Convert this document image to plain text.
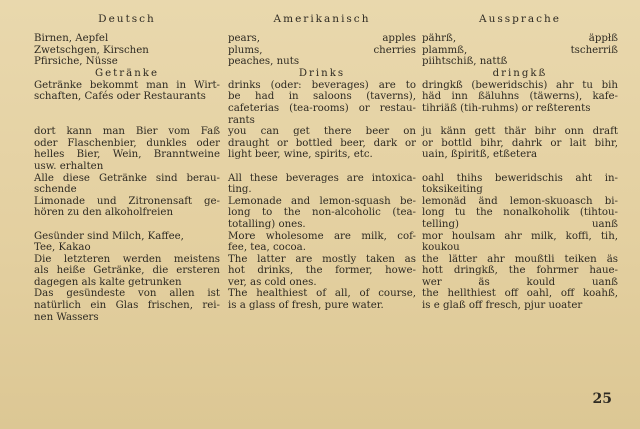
Deutsch
Birnen, Aepfel
Zwetschgen, Kirschen
Pfirsiche, Nüsse
Getränke
Getränke bekommt man in Wirt-
schaften, Cafés oder Restaurants
dort kann man Bier vom Faß
oder Flaschenbier, dunkles oder
helles Bier, Wein, Branntweine
usw. erhalten
Alle diese Getränke sind berau-
schende
Limonade und Zitronensaft ge-
hören zu den alkoholfreien
Gesünder sind Milch, Kaffee,
Tee, Kakao
Die letzteren werden meistens
als heiße Getränke, die ersteren
dagegen als kalte getrunken
Das gesündeste von allen ist
natürlich ein Glas frischen, rei-
nen Wassers
Amerikanisch
pears, apples
plums, cherries
peaches, nuts
Drinks
drinks (oder: beverages) are to
be had in saloons (taverns),
cafeterias (tea-rooms) or restau-
rants
you can get there beer on
draught or bottled beer, dark or
light beer, wine, spirits, etc.
All these beverages are intoxica-
ting.
Lemonade and lemon-squash be-
long to the non-alcoholic (tea-
totalling) ones.
More wholesome are milk, cof-
fee, tea, cocoa.
The latter are mostly taken as
hot drinks, the former, howe-
ver, as cold ones.
The healthiest of all, of course,
is a glass of fresh, pure water.
Aussprache
pährß, äppłß
plammß, tscherriß
piihtschiß, nattß
dringkß
dringkß (beweridschis) ahr tu bih
häd inn ßäluhns (täwerns), kafe-
tihriäß (tih-ruhms) or reßterents
ju känn gett thär bihr onn draft
or bottld bihr, dahrk or lait bihr,
uain, ßpiritß, etßetera
oahl thihs beweridschis aht in-
toksikeiting
lemonäd änd lemon-skuoasch bi-
long tu the nonalkoholik (tihtou-
telling) uanß
mor houlsam ahr milk, koffi, tih,
koukou
the lätter ahr moußtli teiken äs
hott dringkß, the fohrmer haue-
wer äs kould uanß
the hellthiest off oahl, off koahß,
is e glaß off fresch, pjur uoater
25
